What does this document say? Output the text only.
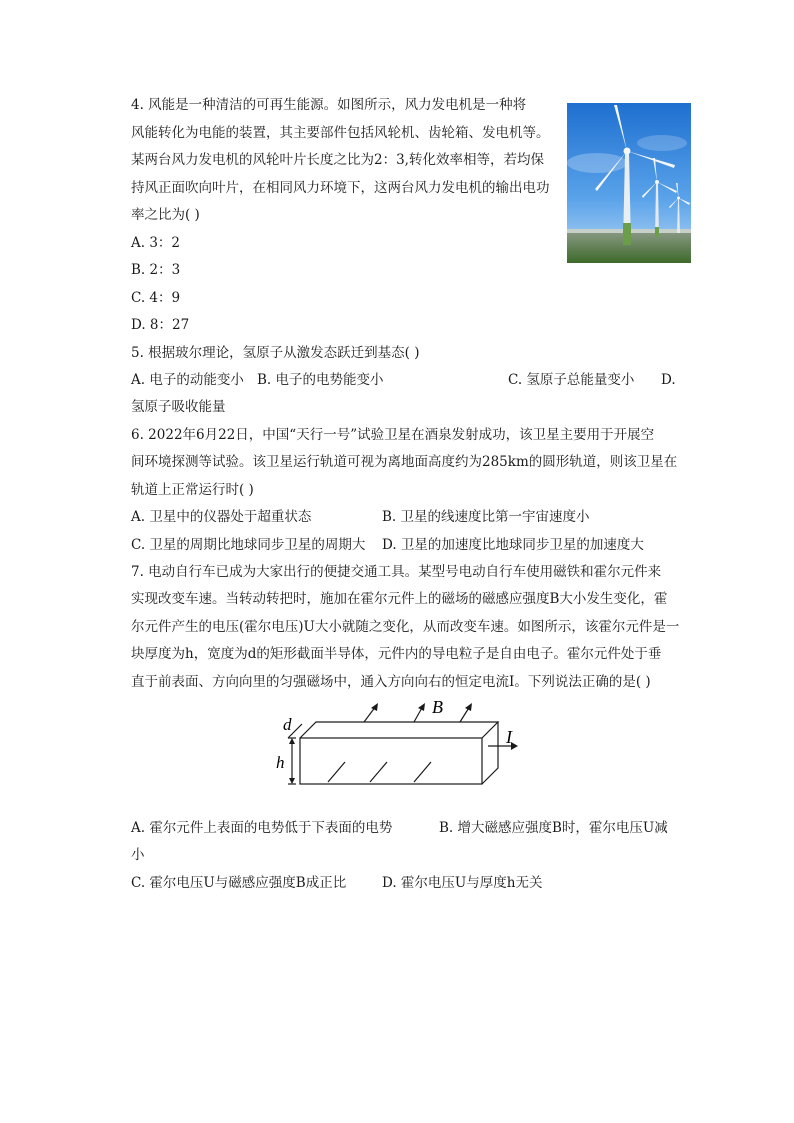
4. 风能是一种清洁的可再生能源。如图所示，风力发电机是一种将
风能转化为电能的装置，其主要部件包括风轮机、齿轮箱、发电机等。
某两台风力发电机的风轮叶片长度之比为2：3,转化效率相等，若均保
持风正面吹向叶片，在相同风力环境下，这两台风力发电机的输出电功
率之比为( )
A. 3：2
B. 2：3
C. 4：9
D. 8：27
5. 根据玻尔理论，氢原子从激发态跃迁到基态( )
A. 电子的动能变小 B. 电子的电势能变小	C. 氢原子总能量变小 D.
氢原子吸收能量
6. 2022年6月22日，中国“天行一号”试验卫星在酒泉发射成功，该卫星主要用于开展空
间环境探测等试验。该卫星运行轨道可视为离地面高度约为285km的圆形轨道，则该卫星在
轨道上正常运行时( )
A. 卫星中的仪器处于超重状态	B. 卫星的线速度比第一宇宙速度小
C. 卫星的周期比地球同步卫星的周期大 D. 卫星的加速度比地球同步卫星的加速度大
7. 电动自行车已成为大家出行的便捷交通工具。某型号电动自行车使用磁铁和霍尔元件来
实现改变车速。当转动转把时，施加在霍尔元件上的磁场的磁感应强度B大小发生变化，霍
尔元件产生的电压(霍尔电压)U大小就随之变化，从而改变车速。如图所示，该霍尔元件是一
块厚度为h，宽度为d的矩形截面半导体，元件内的导电粒子是自由电子。霍尔元件处于垂
直于前表面、方向向里的匀强磁场中，通入方向向右的恒定电流I。下列说法正确的是( )
d
h
B
I
A. 霍尔元件上表面的电势低于下表面的电势	B. 增大磁感应强度B时，霍尔电压U减
小
C. 霍尔电压U与磁感应强度B成正比	D. 霍尔电压U与厚度h无关
